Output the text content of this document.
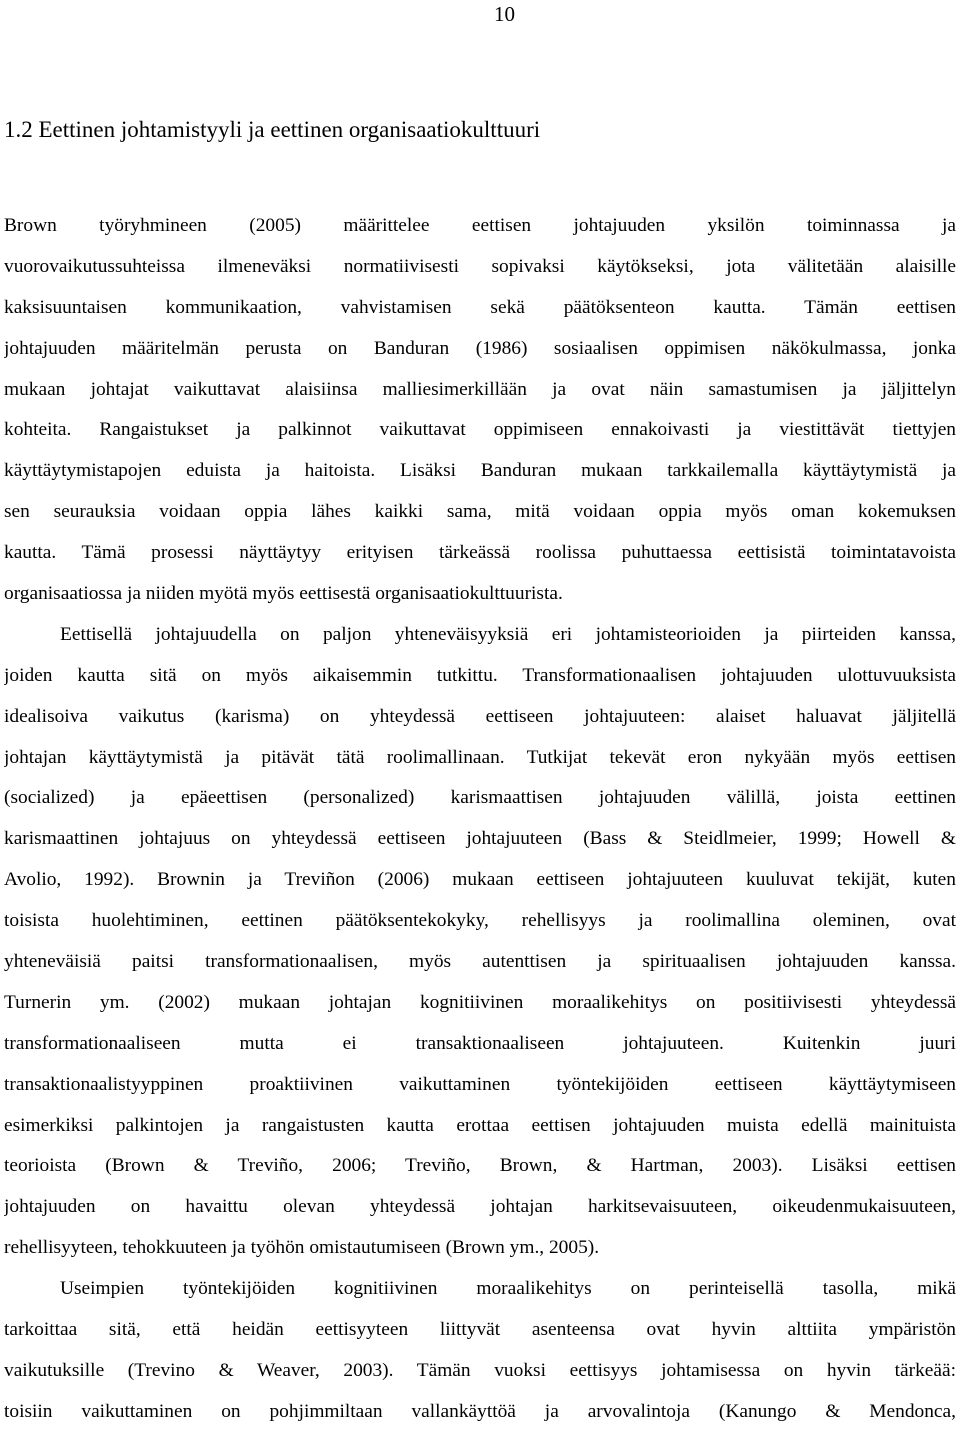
10
1.2 Eettinen johtamistyyli ja eettinen organisaatiokulttuuri

Brown työryhmineen (2005) määrittelee eettisen johtajuuden yksilön toiminnassa ja
vuorovaikutussuhteissa ilmeneväksi normatiivisesti sopivaksi käytökseksi, jota välitetään alaisille
kaksisuuntaisen kommunikaation, vahvistamisen sekä päätöksenteon kautta. Tämän eettisen
johtajuuden määritelmän perusta on Banduran (1986) sosiaalisen oppimisen näkökulmassa, jonka
mukaan johtajat vaikuttavat alaisiinsa malliesimerkillään ja ovat näin samastumisen ja jäljittelyn
kohteita. Rangaistukset ja palkinnot vaikuttavat oppimiseen ennakoivasti ja viestittävät tiettyjen
käyttäytymistapojen eduista ja haitoista. Lisäksi Banduran mukaan tarkkailemalla käyttäytymistä ja
sen seurauksia voidaan oppia lähes kaikki sama, mitä voidaan oppia myös oman kokemuksen
kautta. Tämä prosessi näyttäytyy erityisen tärkeässä roolissa puhuttaessa eettisistä toimintatavoista
organisaatiossa ja niiden myötä myös eettisestä organisaatiokulttuurista.

Eettisellä johtajuudella on paljon yhteneväisyyksiä eri johtamisteorioiden ja piirteiden kanssa,
joiden kautta sitä on myös aikaisemmin tutkittu. Transformationaalisen johtajuuden ulottuvuuksista
idealisoiva vaikutus (karisma) on yhteydessä eettiseen johtajuuteen: alaiset haluavat jäljitellä
johtajan käyttäytymistä ja pitävät tätä roolimallinaan. Tutkijat tekevät eron nykyään myös eettisen
(socialized) ja epäeettisen (personalized) karismaattisen johtajuuden välillä, joista eettinen
karismaattinen johtajuus on yhteydessä eettiseen johtajuuteen (Bass & Steidlmeier, 1999; Howell &
Avolio, 1992). Brownin ja Treviñon (2006) mukaan eettiseen johtajuuteen kuuluvat tekijät, kuten
toisista huolehtiminen, eettinen päätöksentekokyky, rehellisyys ja roolimallina oleminen, ovat
yhteneväisiä paitsi transformationaalisen, myös autenttisen ja spirituaalisen johtajuuden kanssa.
Turnerin ym. (2002) mukaan johtajan kognitiivinen moraalikehitys on positiivisesti yhteydessä
transformationaaliseen mutta ei transaktionaaliseen johtajuuteen. Kuitenkin juuri
transaktionaalistyyppinen proaktiivinen vaikuttaminen työntekijöiden eettiseen käyttäytymiseen
esimerkiksi palkintojen ja rangaistusten kautta erottaa eettisen johtajuuden muista edellä mainituista
teorioista (Brown & Treviño, 2006; Treviño, Brown, & Hartman, 2003). Lisäksi eettisen
johtajuuden on havaittu olevan yhteydessä johtajan harkitsevaisuuteen, oikeudenmukaisuuteen,
rehellisyyteen, tehokkuuteen ja työhön omistautumiseen (Brown ym., 2005).

Useimpien työntekijöiden kognitiivinen moraalikehitys on perinteisellä tasolla, mikä
tarkoittaa sitä, että heidän eettisyyteen liittyvät asenteensa ovat hyvin alttiita ympäristön
vaikutuksille (Trevino & Weaver, 2003). Tämän vuoksi eettisyys johtamisessa on hyvin tärkeää:
toisiin vaikuttaminen on pohjimmiltaan vallankäyttöä ja arvovalintoja (Kanungo & Mendonca,
